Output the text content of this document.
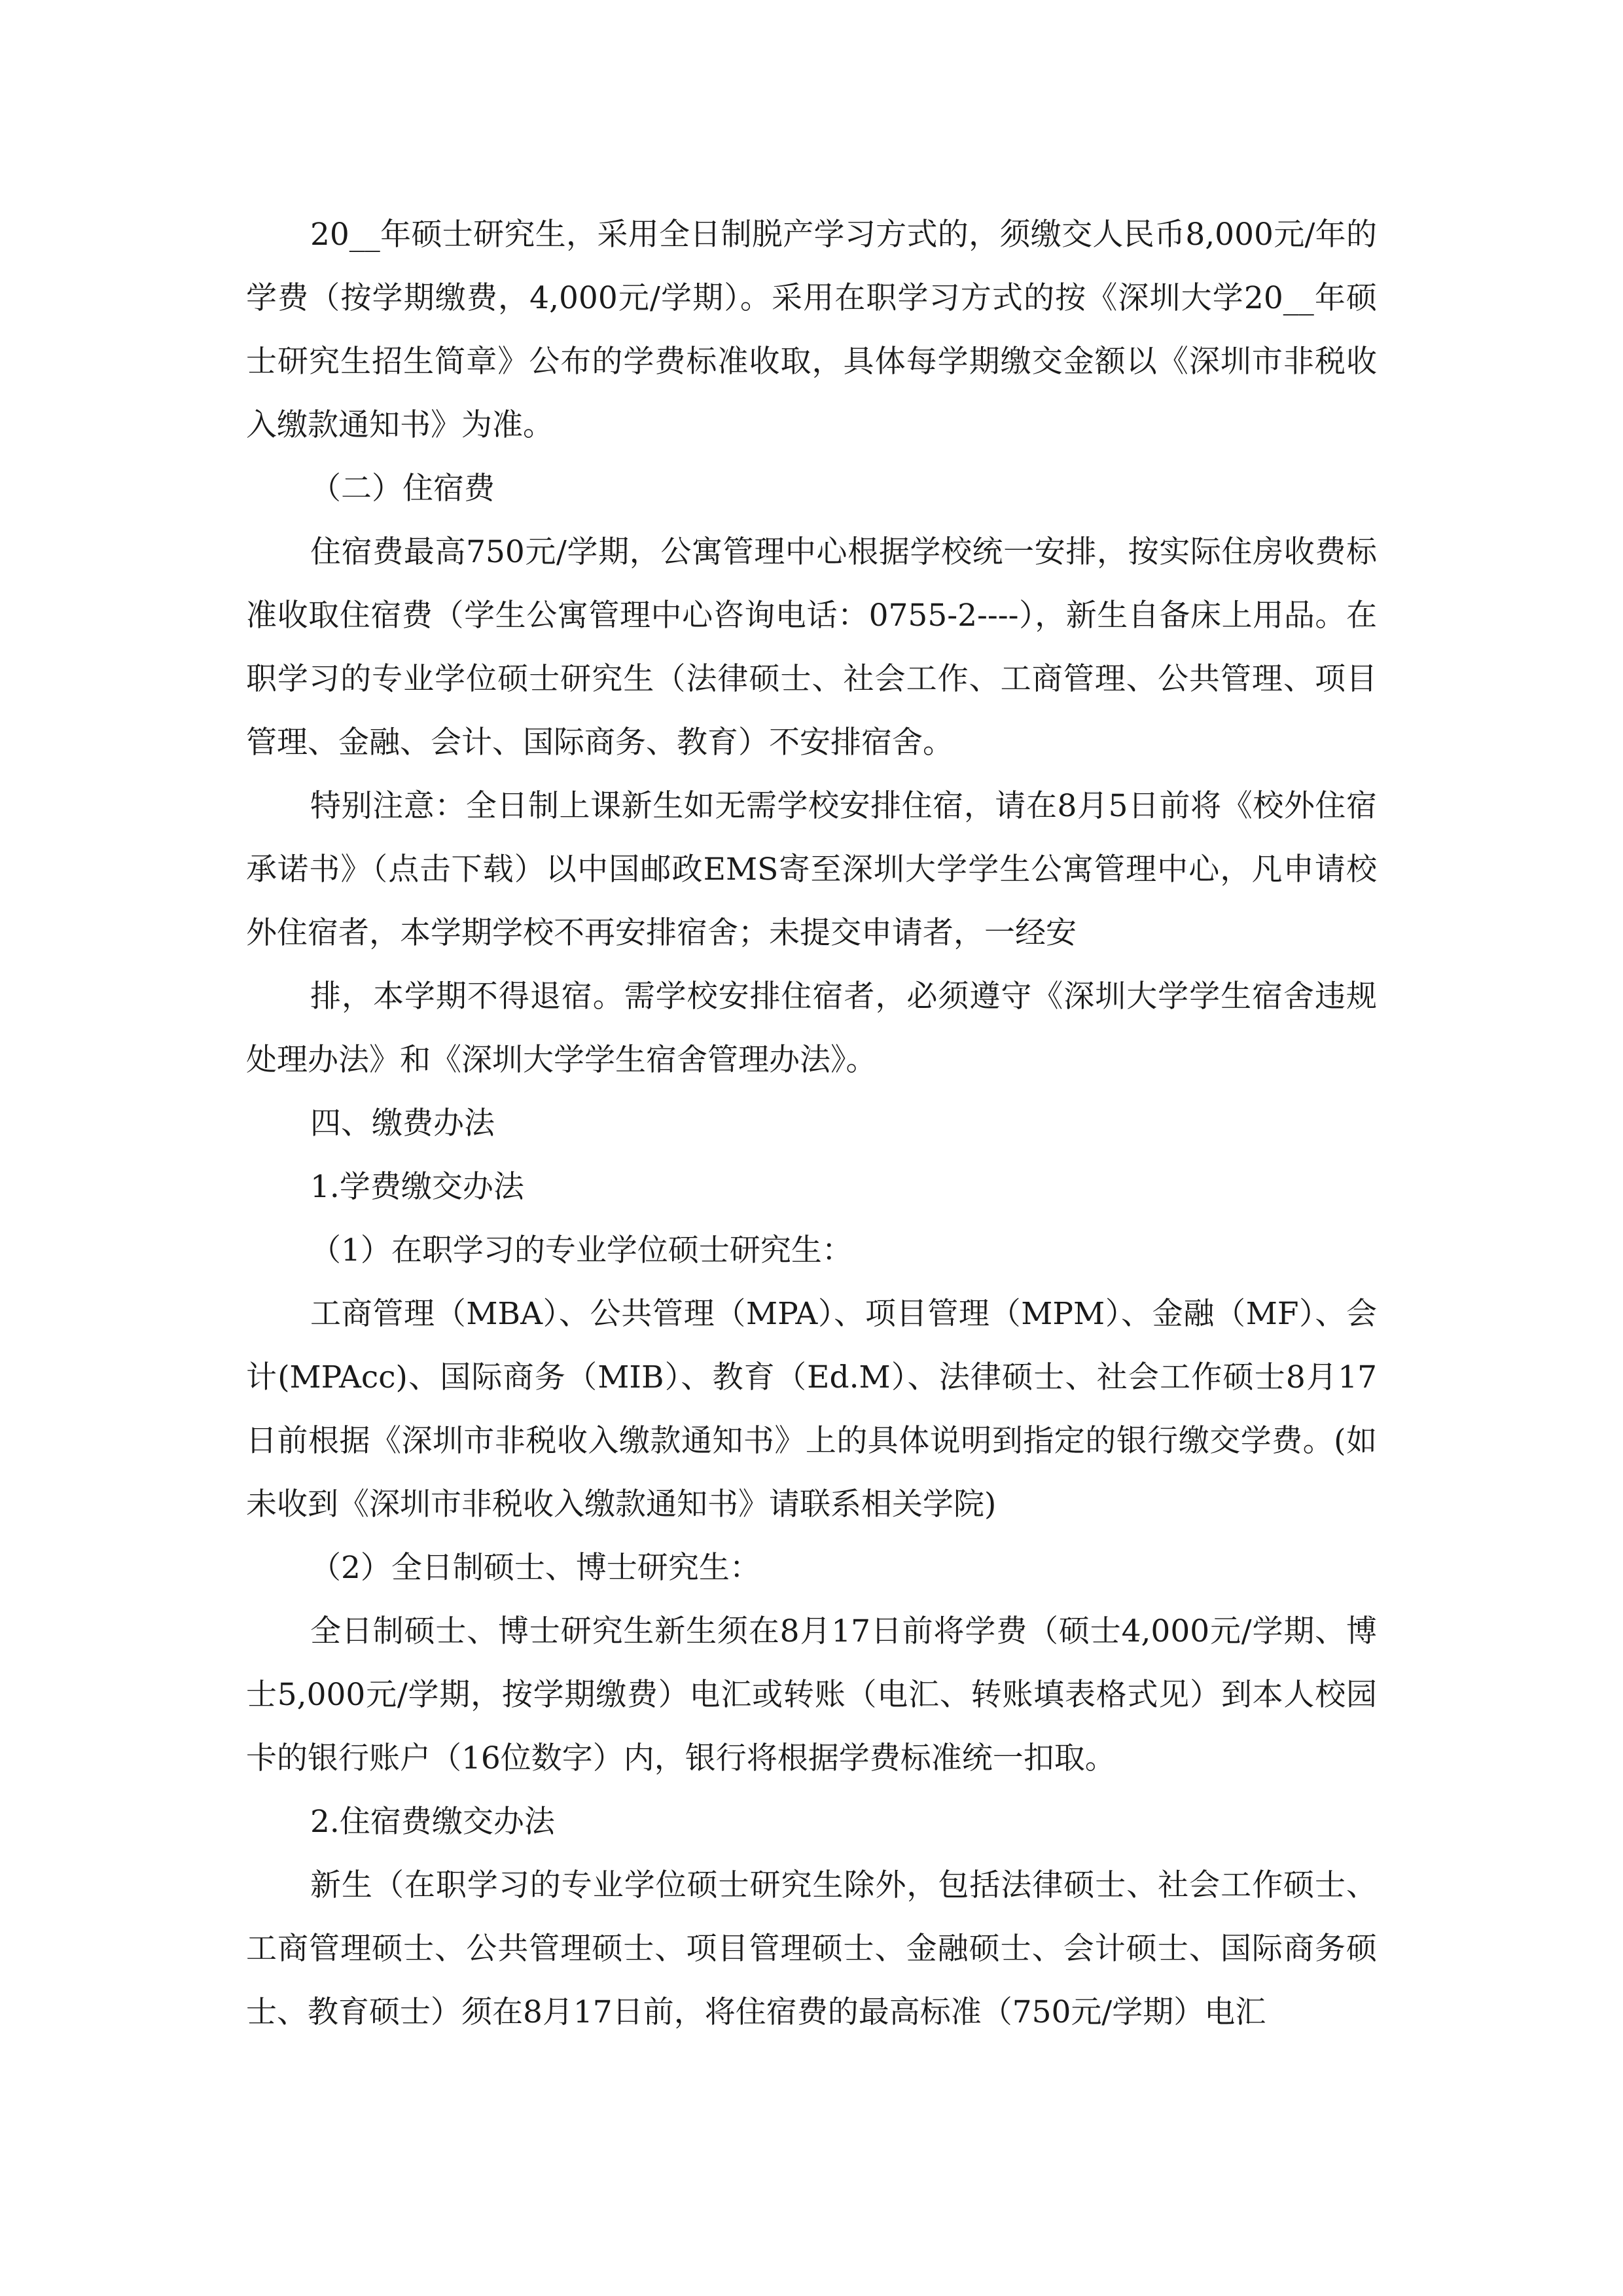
20__年硕士研究生，采用全日制脱产学习方式的，须缴交人民币8,000元/年的学费（按学期缴费，4,000元/学期）。采用在职学习方式的按《深圳大学20__年硕士研究生招生简章》公布的学费标准收取，具体每学期缴交金额以《深圳市非税收入缴款通知书》为准。

（二）住宿费

住宿费最高750元/学期，公寓管理中心根据学校统一安排，按实际住房收费标准收取住宿费（学生公寓管理中心咨询电话：0755-2----），新生自备床上用品。在职学习的专业学位硕士研究生（法律硕士、社会工作、工商管理、公共管理、项目管理、金融、会计、国际商务、教育）不安排宿舍。

特别注意：全日制上课新生如无需学校安排住宿，请在8月5日前将《校外住宿承诺书》（点击下载）以中国邮政EMS寄至深圳大学学生公寓管理中心，凡申请校外住宿者，本学期学校不再安排宿舍；未提交申请者，一经安

排，本学期不得退宿。需学校安排住宿者，必须遵守《深圳大学学生宿舍违规处理办法》和《深圳大学学生宿舍管理办法》。

四、缴费办法

1.学费缴交办法

（1）在职学习的专业学位硕士研究生：

工商管理（MBA）、公共管理（MPA）、项目管理（MPM）、金融（MF）、会计(MPAcc)、国际商务（MIB）、教育（Ed.M）、法律硕士、社会工作硕士8月17日前根据《深圳市非税收入缴款通知书》上的具体说明到指定的银行缴交学费。(如未收到《深圳市非税收入缴款通知书》请联系相关学院)

（2）全日制硕士、博士研究生：

全日制硕士、博士研究生新生须在8月17日前将学费（硕士4,000元/学期、博士5,000元/学期，按学期缴费）电汇或转账（电汇、转账填表格式见）到本人校园卡的银行账户（16位数字）内，银行将根据学费标准统一扣取。

2.住宿费缴交办法

新生（在职学习的专业学位硕士研究生除外，包括法律硕士、社会工作硕士、工商管理硕士、公共管理硕士、项目管理硕士、金融硕士、会计硕士、国际商务硕士、教育硕士）须在8月17日前，将住宿费的最高标准（750元/学期）电汇
